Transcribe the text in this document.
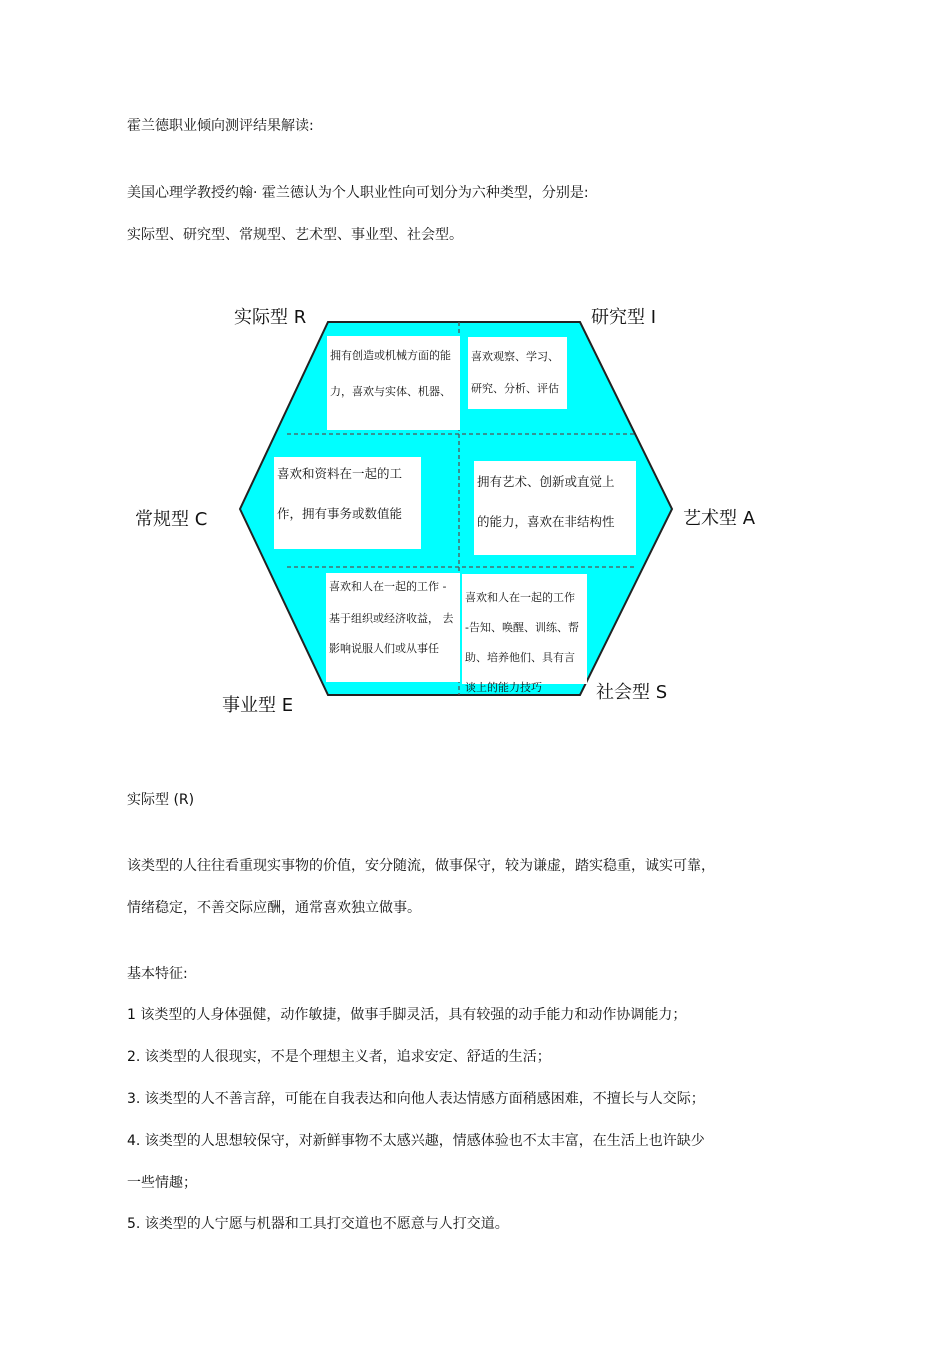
霍兰德职业倾向测评结果解读:
美国心理学教授约翰· 霍兰德认为个人职业性向可划分为六种类型，分别是:
实际型、研究型、常规型、艺术型、事业型、社会型。
实际型 R	研究型 I
常规型 C	艺术型 A
事业型 E
社会型 S

拥有创造或机械方面的能

力，喜欢与实体、机器、

喜欢观察、学习、

研究、分析、评估

喜欢和资料在一起的工

作，拥有事务或数值能

拥有艺术、创新或直觉上

的能力，喜欢在非结构性

喜欢和人在一起的工作 -

基于组织或经济收益， 去

影响说服人们或从事任

喜欢和人在一起的工作

-告知、唤醒、训练、帮

助、培养他们、具有言

谈上的能力技巧

实际型 (R)
该类型的人往往看重现实事物的价值，安分随流，做事保守，较为谦虚，踏实稳重，诚实可靠，
情绪稳定，不善交际应酬，通常喜欢独立做事。
基本特征:
1 该类型的人身体强健，动作敏捷，做事手脚灵活，具有较强的动手能力和动作协调能力；
2. 该类型的人很现实，不是个理想主义者，追求安定、舒适的生活；
3. 该类型的人不善言辞，可能在自我表达和向他人表达情感方面稍感困难，不擅长与人交际；
4. 该类型的人思想较保守，对新鲜事物不太感兴趣，情感体验也不太丰富，在生活上也许缺少
一些情趣；
5. 该类型的人宁愿与机器和工具打交道也不愿意与人打交道。
